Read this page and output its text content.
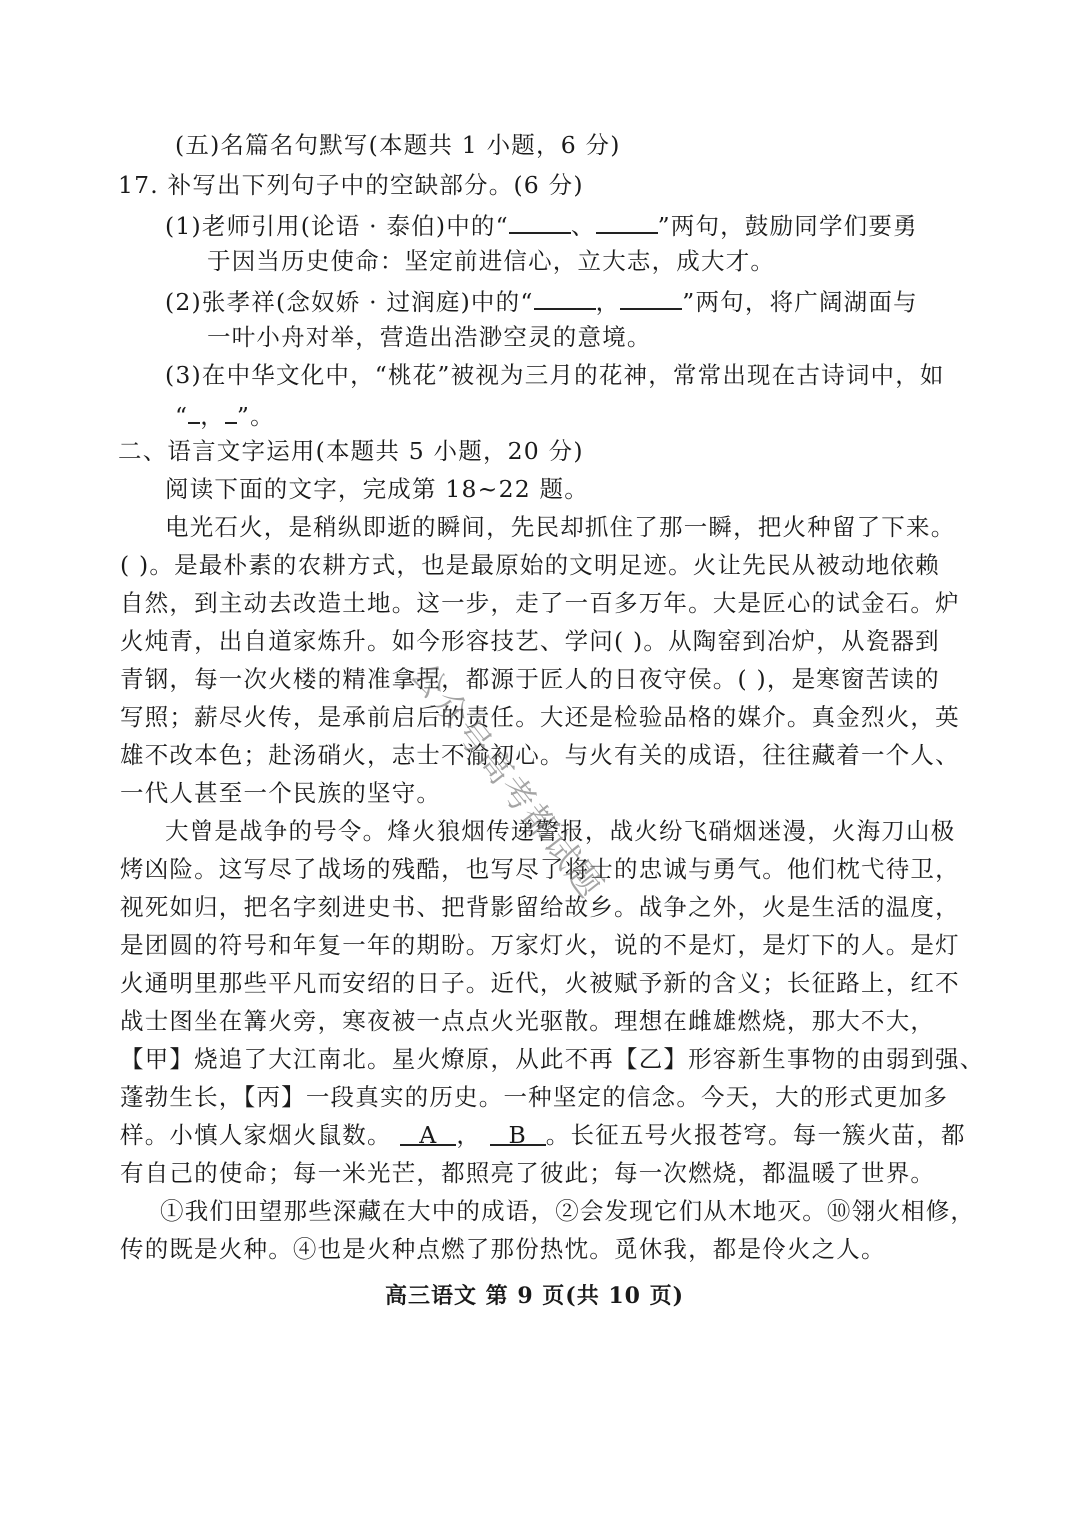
(五)名篇名句默写(本题共 1 小题，6 分)
17. 补写出下列句子中的空缺部分。(6 分)
(1)老师引用(论语 · 泰伯)中的“	、	”两句，鼓励同学们要勇
于因当历史使命：坚定前进信心，立大志，成大才。
(2)张孝祥(念奴娇 · 过润庭)中的“	，	”两句，将广阔湖面与
一叶小舟对举，营造出浩渺空灵的意境。
(3)在中华文化中，“桃花”被视为三月的花神，常常出现在古诗词中，如
“ ， ”。
二、语言文字运用(本题共 5 小题，20 分)
阅读下面的文字，完成第 18~22 题。
电光石火，是稍纵即逝的瞬间，先民却抓住了那一瞬，把火种留了下来。
( )。是最朴素的农耕方式，也是最原始的文明足迹。火让先民从被动地依赖
自然，到主动去改造土地。这一步，走了一百多万年。大是匠心的试金石。炉
火炖青，出自道家炼升。如今形容技艺、学问( )。从陶窑到冶炉，从瓷器到
青钢，每一次火楼的精准拿捏，都源于匠人的日夜守侯。( )，是寒窗苦读的
写照；薪尽火传，是承前启后的责任。大还是检验品格的媒介。真金烈火，英
雄不改本色；赴汤硝火，志士不渝初心。与火有关的成语，往往藏着一个人、
一代人甚至一个民族的坚守。
大曾是战争的号令。烽火狼烟传递警报，战火纷飞硝烟迷漫，火海刀山极
烤凶险。这写尽了战场的残酷，也写尽了将士的忠诚与勇气。他们枕弋待卫，
视死如归，把名字刻进史书、把背影留给故乡。战争之外，火是生活的温度，
是团圆的符号和年复一年的期盼。万家灯火，说的不是灯，是灯下的人。是灯
火通明里那些平凡而安绍的日子。近代，火被赋予新的含义；长征路上，红不
战士图坐在篝火旁，寒夜被一点点火光驱散。理想在雌雄燃烧，那大不大，
【甲】烧追了大江南北。星火燎原，从此不再【乙】形容新生事物的由弱到强、
蓬勃生长，【丙】一段真实的历史。一种坚定的信念。今天，大的形式更加多
样。小慎人家烟火鼠数。 A ， B 。长征五号火报苍穹。每一簇火苗，都
有自己的使命；每一米光芒，都照亮了彼此；每一次燃烧，都温暖了世界。
①我们田望那些深藏在大中的成语，②会发现它们从木地灭。⑩翎火相修，
传的既是火种。④也是火种点燃了那份热忱。觅休我，都是伶火之人。
高三语文 第 9 页(共 10 页)
公众号高考都试题
